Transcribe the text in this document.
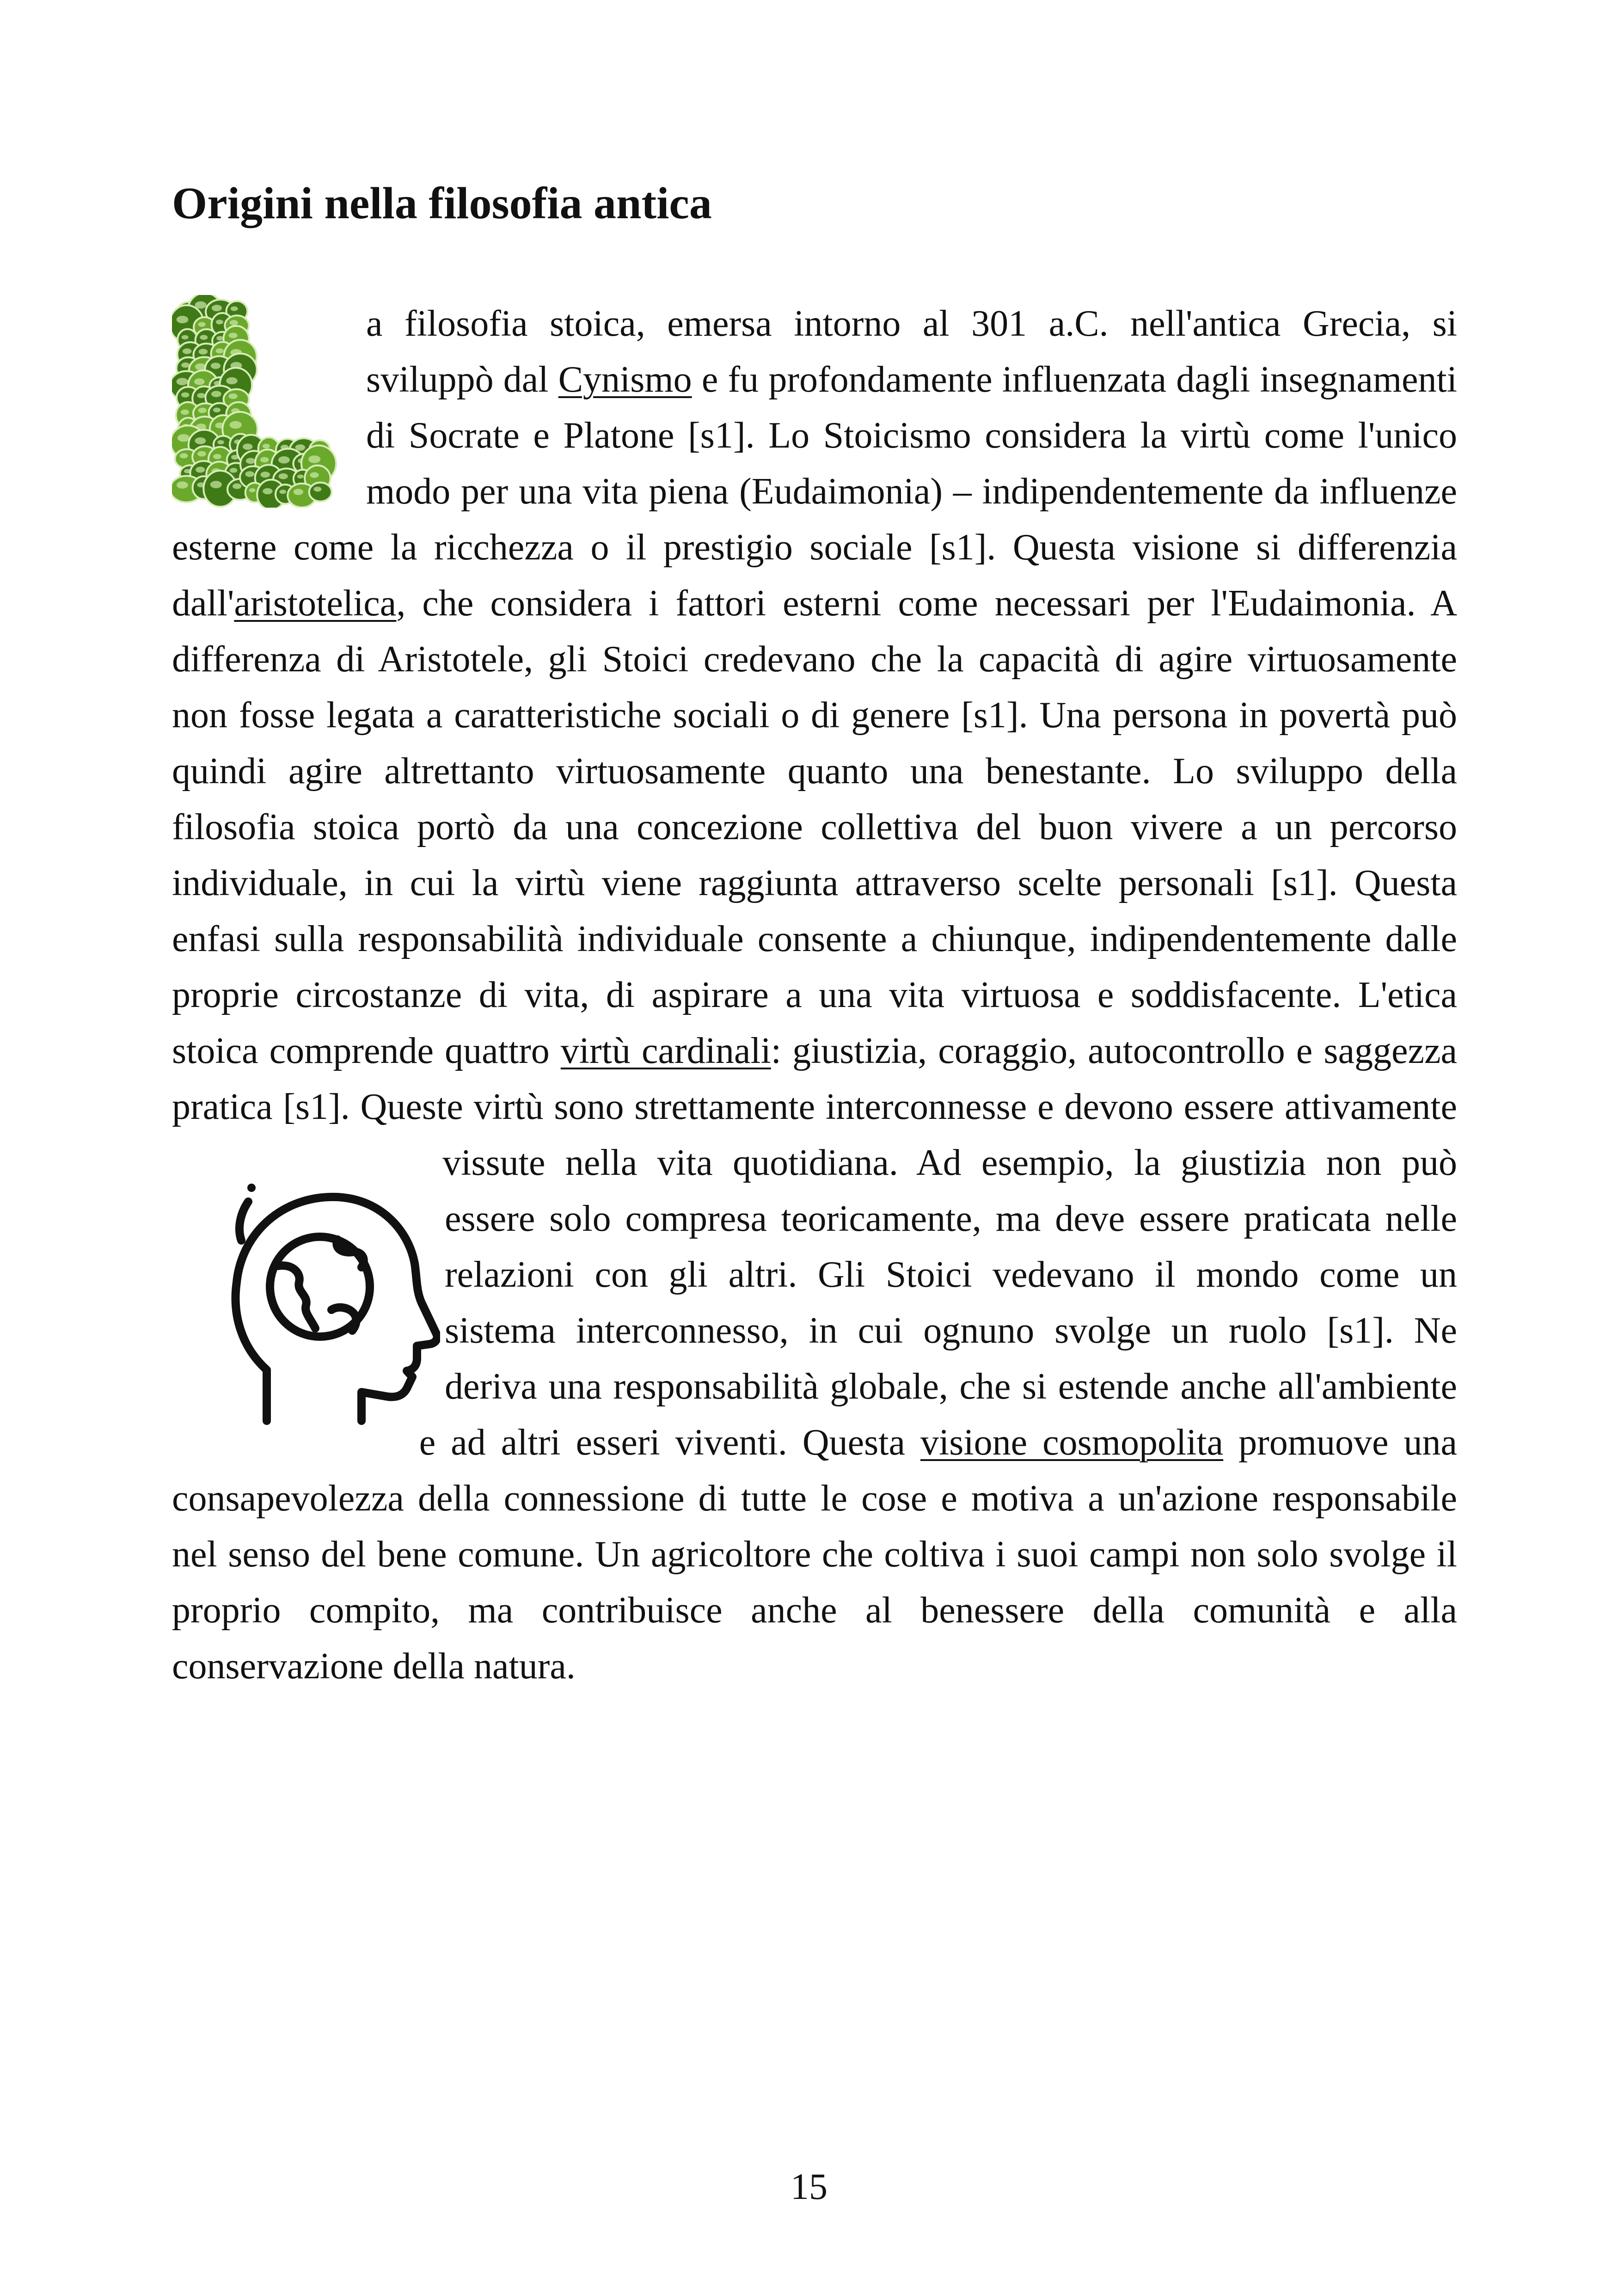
Origini nella filosofia antica

a filosofia stoica, emersa intorno al 301 a.C. nell'antica Grecia, si sviluppò dal Cynismo e fu profondamente influenzata dagli insegnamenti di Socrate e Platone [s1]. Lo Stoicismo considera la virtù come l'unico modo per una vita piena (Eudaimonia) – indipendentemente da influenze esterne come la ricchezza o il prestigio sociale [s1]. Questa visione si differenzia dall'aristotelica, che considera i fattori esterni come necessari per l'Eudaimonia. A differenza di Aristotele, gli Stoici credevano che la capacità di agire virtuosamente non fosse legata a caratteristiche sociali o di genere [s1]. Una persona in povertà può quindi agire altrettanto virtuosamente quanto una benestante. Lo sviluppo della filosofia stoica portò da una concezione collettiva del buon vivere a un percorso individuale, in cui la virtù viene raggiunta attraverso scelte personali [s1]. Questa enfasi sulla responsabilità individuale consente a chiunque, indipendentemente dalle proprie circostanze di vita, di aspirare a una vita virtuosa e soddisfacente. L'etica stoica comprende quattro virtù cardinali: giustizia, coraggio, autocontrollo e saggezza pratica [s1]. Queste virtù sono strettamente interconnesse e devono essere
attivamente vissute nella vita quotidiana. Ad esempio, la giustizia non può essere solo compresa teoricamente, ma deve essere praticata nelle relazioni con gli altri. Gli Stoici vedevano il mondo come un sistema interconnesso, in cui ognuno svolge un ruolo [s1]. Ne deriva una responsabilità globale, che si estende anche all'ambiente e ad altri esseri viventi. Questa visione cosmopolita promuove una consapevolezza della connessione di tutte le cose e motiva a un'azione responsabile nel senso del bene comune. Un agricoltore che coltiva i suoi campi non solo svolge il proprio compito, ma contribuisce anche al benessere della comunità e alla conservazione della natura.

15
